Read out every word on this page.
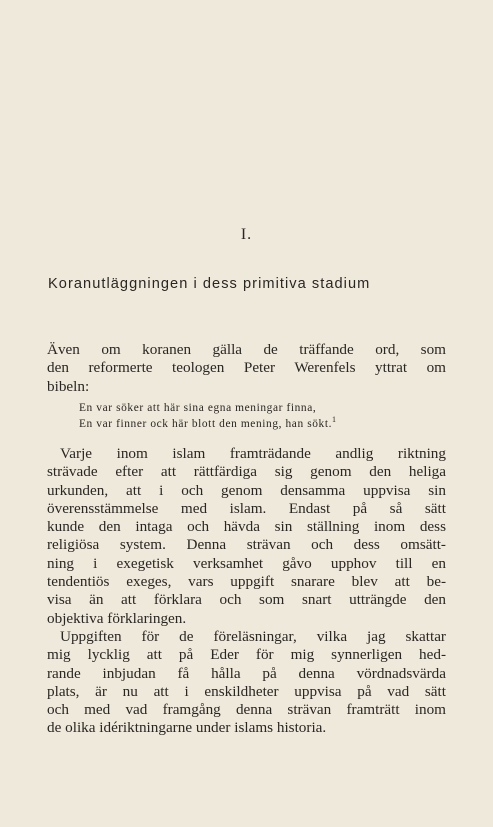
I.
Koranutläggningen i dess primitiva stadium
Även om koranen gälla de träffande ord, som
den reformerte teologen Peter Werenfels yttrat om
bibeln:
En var söker att här sina egna meningar finna,
En var finner ock här blott den mening, han sökt.$^1$
Varje inom islam framträdande andlig riktning
strävade efter att rättfärdiga sig genom den heliga
urkunden, att i och genom densamma uppvisa sin
överensstämmelse med islam. Endast på så sätt
kunde den intaga och hävda sin ställning inom dess
religiösa system. Denna strävan och dess omsätt-
ning i exegetisk verksamhet gåvo upphov till en
tendentiös exeges, vars uppgift snarare blev att be-
visa än att förklara och som snart utträngde den
objektiva förklaringen.
Uppgiften för de föreläsningar, vilka jag skattar
mig lycklig att på Eder för mig synnerligen hed-
rande inbjudan få hålla på denna vördnadsvärda
plats, är nu att i enskildheter uppvisa på vad sätt
och med vad framgång denna strävan framträtt inom
de olika idériktningarne under islams historia.
